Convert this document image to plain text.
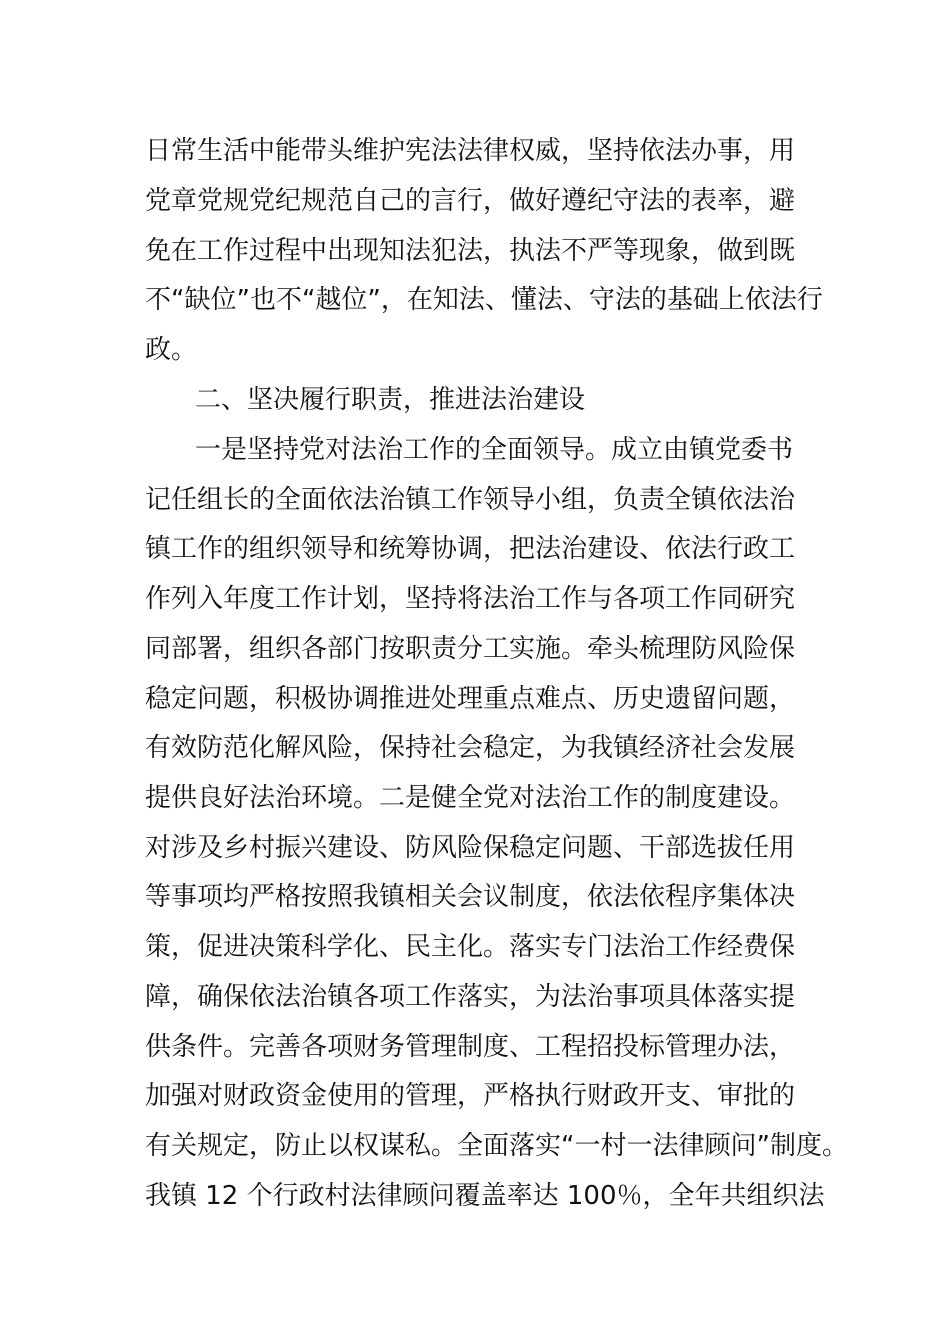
日常生活中能带头维护宪法法律权威，坚持依法办事，用
党章党规党纪规范自己的言行，做好遵纪守法的表率，避
免在工作过程中出现知法犯法，执法不严等现象，做到既
不“缺位”也不“越位”，在知法、懂法、守法的基础上依法行
政。
二、坚决履行职责，推进法治建设
一是坚持党对法治工作的全面领导。成立由镇党委书
记任组长的全面依法治镇工作领导小组，负责全镇依法治
镇工作的组织领导和统筹协调，把法治建设、依法行政工
作列入年度工作计划，坚持将法治工作与各项工作同研究
同部署，组织各部门按职责分工实施。牵头梳理防风险保
稳定问题，积极协调推进处理重点难点、历史遗留问题，
有效防范化解风险，保持社会稳定，为我镇经济社会发展
提供良好法治环境。二是健全党对法治工作的制度建设。
对涉及乡村振兴建设、防风险保稳定问题、干部选拔任用
等事项均严格按照我镇相关会议制度，依法依程序集体决
策，促进决策科学化、民主化。落实专门法治工作经费保
障，确保依法治镇各项工作落实，为法治事项具体落实提
供条件。完善各项财务管理制度、工程招投标管理办法，
加强对财政资金使用的管理，严格执行财政开支、审批的
有关规定，防止以权谋私。全面落实“一村一法律顾问”制度。
我镇 12 个行政村法律顾问覆盖率达 100％，全年共组织法
